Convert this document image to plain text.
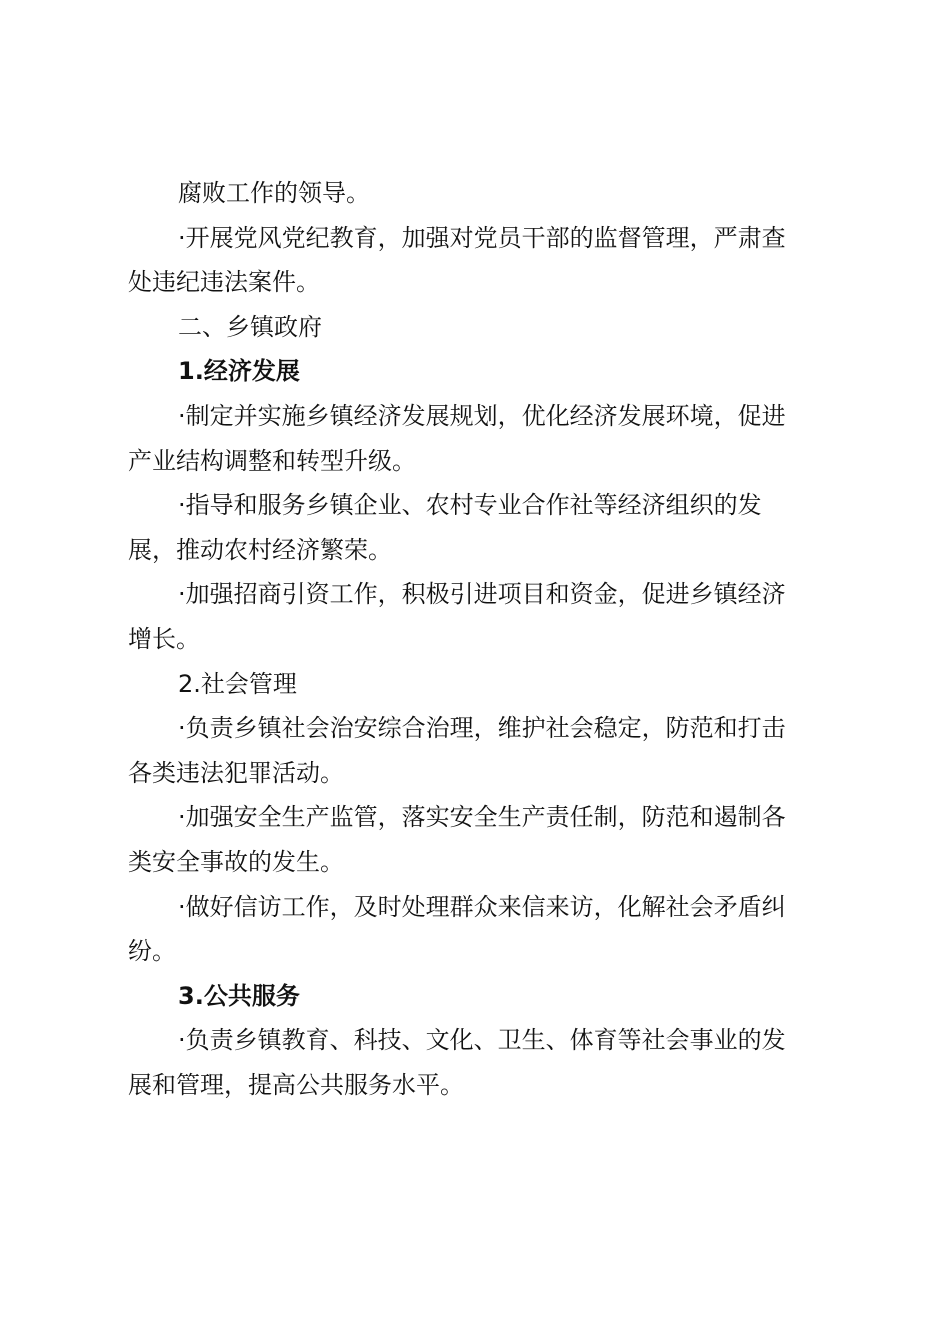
腐败工作的领导。
·开展党风党纪教育，加强对党员干部的监督管理，严肃查
处违纪违法案件。
二、乡镇政府
1.经济发展
·制定并实施乡镇经济发展规划，优化经济发展环境，促进
产业结构调整和转型升级。
·指导和服务乡镇企业、农村专业合作社等经济组织的发
展，推动农村经济繁荣。
·加强招商引资工作，积极引进项目和资金，促进乡镇经济
增长。
2.社会管理
·负责乡镇社会治安综合治理，维护社会稳定，防范和打击
各类违法犯罪活动。
·加强安全生产监管，落实安全生产责任制，防范和遏制各
类安全事故的发生。
·做好信访工作，及时处理群众来信来访，化解社会矛盾纠
纷。
3.公共服务
·负责乡镇教育、科技、文化、卫生、体育等社会事业的发
展和管理，提高公共服务水平。
